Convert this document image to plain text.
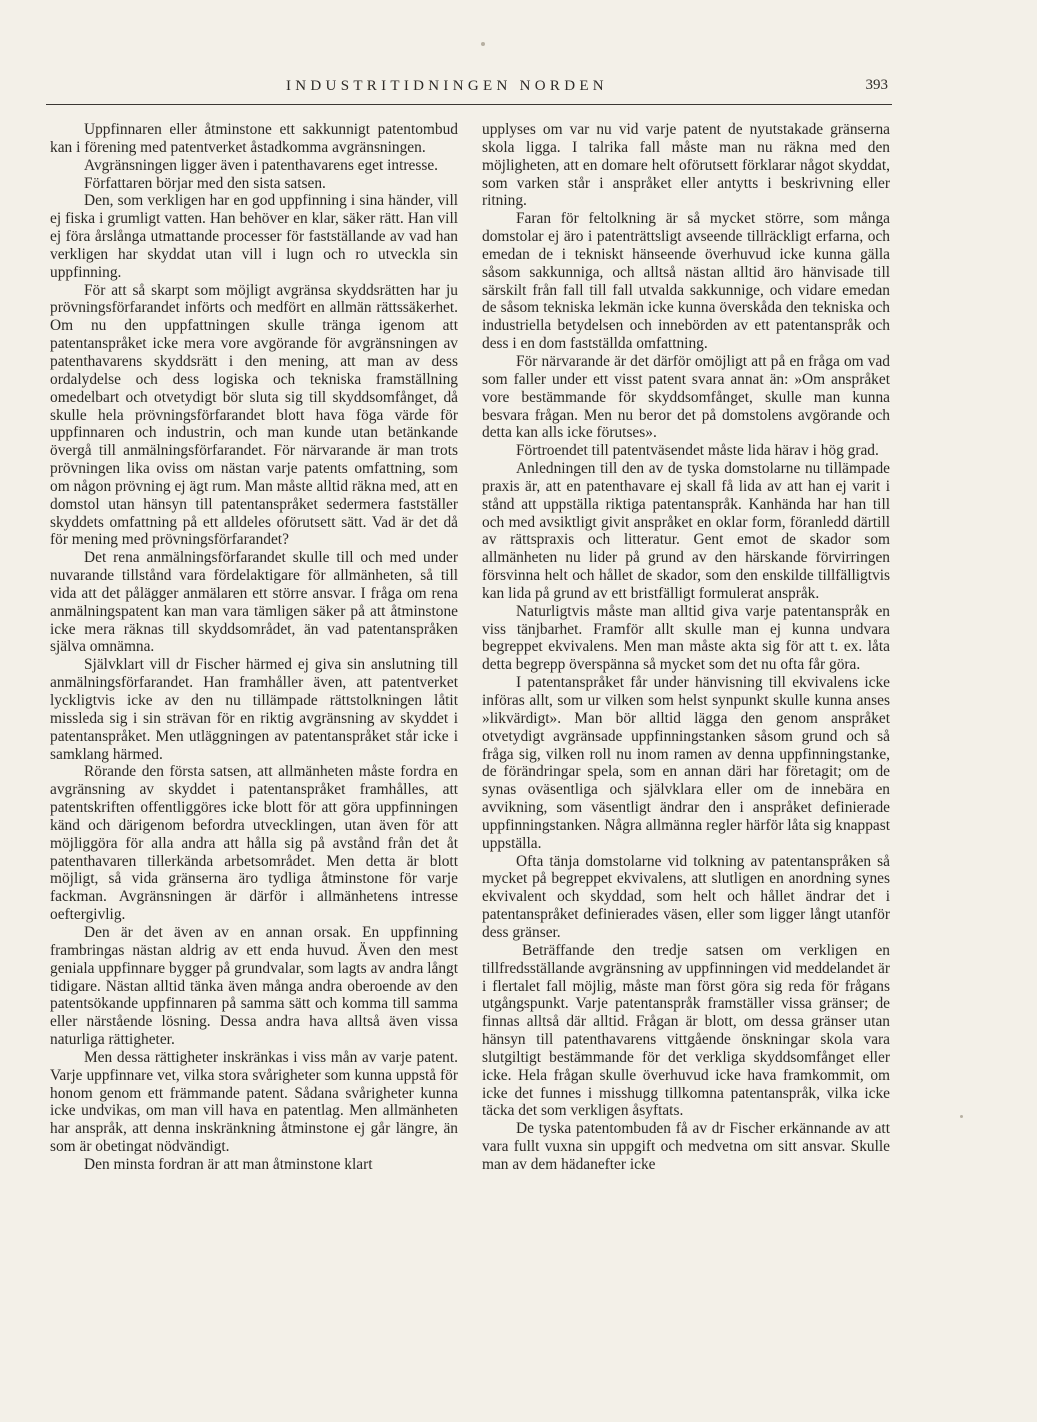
INDUSTRITIDNINGEN NORDEN	393

Uppfinnaren eller åtminstone ett sakkunnigt patentombud kan i förening med patentverket åstadkomma avgränsningen.

Avgränsningen ligger även i patenthavarens eget intresse.

Författaren börjar med den sista satsen.

Den, som verkligen har en god uppfinning i sina händer, vill ej fiska i grumligt vatten. Han behöver en klar, säker rätt. Han vill ej föra årslånga utmattande processer för fastställande av vad han verkligen har skyddat utan vill i lugn och ro utveckla sin uppfinning.

För att så skarpt som möjligt avgränsa skyddsrätten har ju prövningsförfarandet införts och medfört en allmän rättssäkerhet. Om nu den uppfattningen skulle tränga igenom att patentanspråket icke mera vore avgörande för avgränsningen av patenthavarens skyddsrätt i den mening, att man av dess ordalydelse och dess logiska och tekniska framställning omedelbart och otvetydigt bör sluta sig till skyddsomfånget, då skulle hela prövningsförfarandet blott hava föga värde för uppfinnaren och industrin, och man kunde utan betänkande övergå till anmälningsförfarandet. För närvarande är man trots prövningen lika oviss om nästan varje patents omfattning, som om någon prövning ej ägt rum. Man måste alltid räkna med, att en domstol utan hänsyn till patentanspråket sedermera fastställer skyddets omfattning på ett alldeles oförutsett sätt. Vad är det då för mening med prövningsförfarandet?

Det rena anmälningsförfarandet skulle till och med under nuvarande tillstånd vara fördelaktigare för allmänheten, så till vida att det pålägger anmälaren ett större ansvar. I fråga om rena anmälningspatent kan man vara tämligen säker på att åtminstone icke mera räknas till skyddsområdet, än vad patentanspråken själva omnämna.

Självklart vill dr Fischer härmed ej giva sin anslutning till anmälningsförfarandet. Han framhåller även, att patentverket lyckligtvis icke av den nu tillämpade rättstolkningen låtit missleda sig i sin strävan för en riktig avgränsning av skyddet i patentanspråket. Men utläggningen av patentanspråket står icke i samklang härmed.

Rörande den första satsen, att allmänheten måste fordra en avgränsning av skyddet i patentanspråket framhålles, att patentskriften offentliggöres icke blott för att göra uppfinningen känd och därigenom befordra utvecklingen, utan även för att möjliggöra för alla andra att hålla sig på avstånd från det åt patenthavaren tillerkända arbetsområdet. Men detta är blott möjligt, så vida gränserna äro tydliga åtminstone för varje fackman. Avgränsningen är därför i allmänhetens intresse oeftergivlig.

Den är det även av en annan orsak. En uppfinning frambringas nästan aldrig av ett enda huvud. Även den mest geniala uppfinnare bygger på grundvalar, som lagts av andra långt tidigare. Nästan alltid tänka även många andra oberoende av den patentsökande uppfinnaren på samma sätt och komma till samma eller närstående lösning. Dessa andra hava alltså även vissa naturliga rättigheter.

Men dessa rättigheter inskränkas i viss mån av varje patent. Varje uppfinnare vet, vilka stora svårigheter som kunna uppstå för honom genom ett främmande patent. Sådana svårigheter kunna icke undvikas, om man vill hava en patentlag. Men allmänheten har anspråk, att denna inskränkning åtminstone ej går längre, än som är obetingat nödvändigt.

Den minsta fordran är att man åtminstone klart

upplyses om var nu vid varje patent de nyutstakade gränserna skola ligga. I talrika fall måste man nu räkna med den möjligheten, att en domare helt oförutsett förklarar något skyddat, som varken står i anspråket eller antytts i beskrivning eller ritning.

Faran för feltolkning är så mycket större, som många domstolar ej äro i patenträttsligt avseende tillräckligt erfarna, och emedan de i tekniskt hänseende överhuvud icke kunna gälla såsom sakkunniga, och alltså nästan alltid äro hänvisade till särskilt från fall till fall utvalda sakkunnige, och vidare emedan de såsom tekniska lekmän icke kunna överskåda den tekniska och industriella betydelsen och innebörden av ett patentanspråk och dess i en dom fastställda omfattning.

För närvarande är det därför omöjligt att på en fråga om vad som faller under ett visst patent svara annat än: »Om anspråket vore bestämmande för skyddsomfånget, skulle man kunna besvara frågan. Men nu beror det på domstolens avgörande och detta kan alls icke förutses».

Förtroendet till patentväsendet måste lida härav i hög grad.

Anledningen till den av de tyska domstolarne nu tillämpade praxis är, att en patenthavare ej skall få lida av att han ej varit i stånd att uppställa riktiga patentanspråk. Kanhända har han till och med avsiktligt givit anspråket en oklar form, föranledd därtill av rättspraxis och litteratur. Gent emot de skador som allmänheten nu lider på grund av den härskande förvirringen försvinna helt och hållet de skador, som den enskilde tillfälligtvis kan lida på grund av ett bristfälligt formulerat anspråk.

Naturligtvis måste man alltid giva varje patentanspråk en viss tänjbarhet. Framför allt skulle man ej kunna undvara begreppet ekvivalens. Men man måste akta sig för att t. ex. låta detta begrepp överspänna så mycket som det nu ofta får göra.

I patentanspråket får under hänvisning till ekvivalens icke införas allt, som ur vilken som helst synpunkt skulle kunna anses »likvärdigt». Man bör alltid lägga den genom anspråket otvetydigt avgränsade uppfinningstanken såsom grund och så fråga sig, vilken roll nu inom ramen av denna uppfinningstanke, de förändringar spela, som en annan däri har företagit; om de synas oväsentliga och självklara eller om de innebära en avvikning, som väsentligt ändrar den i anspråket definierade uppfinningstanken. Några allmänna regler härför låta sig knappast uppställa.

Ofta tänja domstolarne vid tolkning av patentanspråken så mycket på begreppet ekvivalens, att slutligen en anordning synes ekvivalent och skyddad, som helt och hållet ändrar det i patentanspråket definierades väsen, eller som ligger långt utanför dess gränser.

Beträffande den tredje satsen om verkligen en tillfredsställande avgränsning av uppfinningen vid meddelandet är i flertalet fall möjlig, måste man först göra sig reda för frågans utgångspunkt. Varje patentanspråk framställer vissa gränser; de finnas alltså där alltid. Frågan är blott, om dessa gränser utan hänsyn till patenthavarens vittgående önskningar skola vara slutgiltigt bestämmande för det verkliga skyddsomfånget eller icke. Hela frågan skulle överhuvud icke hava framkommit, om icke det funnes i misshugg tillkomna patentanspråk, vilka icke täcka det som verkligen åsyftats.

De tyska patentombuden få av dr Fischer erkännande av att vara fullt vuxna sin uppgift och medvetna om sitt ansvar. Skulle man av dem hädanefter icke
